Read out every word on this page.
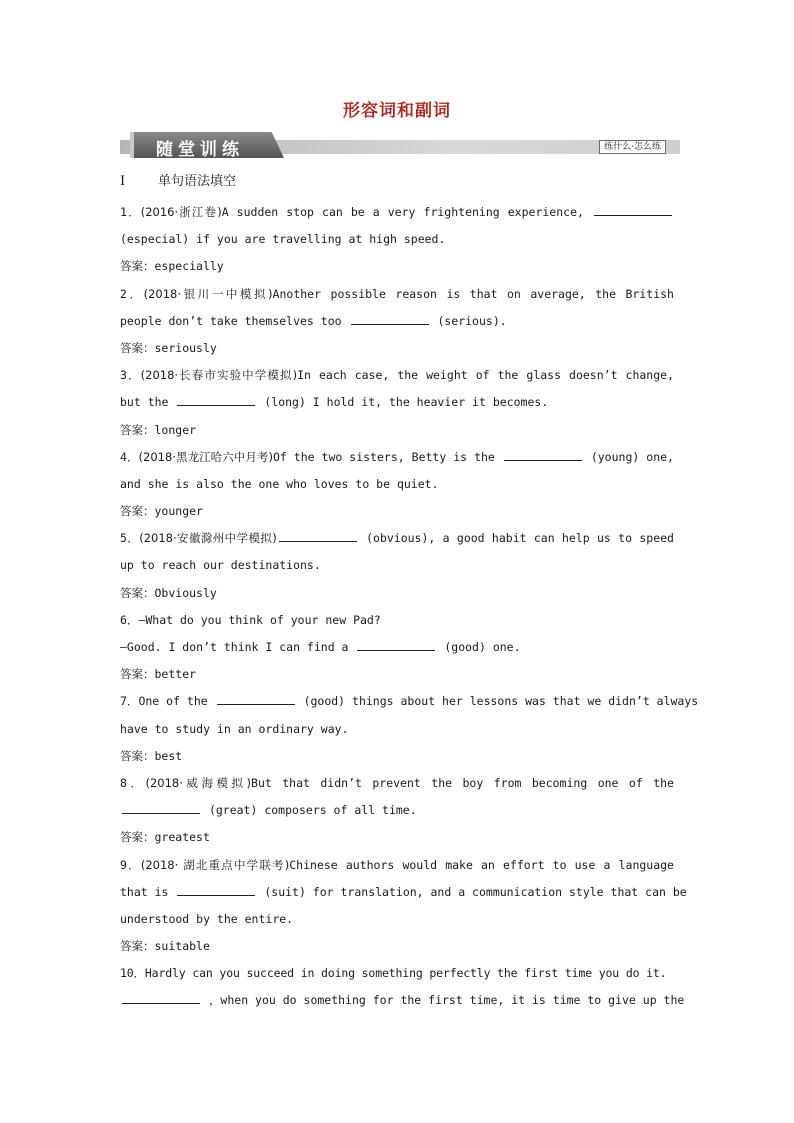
形容词和副词
随堂训练	练什么·怎么练
Ⅰ	单句语法填空
1．(2016·浙江卷)A sudden stop can be a very frightening experience,
(especial) if you are travelling at high speed.
答案：especially
2．(2018·银川一中模拟)Another possible reason is that on average, the British
people don’t take themselves too	(serious).
答案：seriously
3．(2018·长春市实验中学模拟)In each case, the weight of the glass doesn’t change,
but the	(long) I hold it, the heavier it becomes.
答案：longer
4．(2018·黑龙江哈六中月考)Of the two sisters, Betty is the	(young) one,
and she is also the one who loves to be quiet.
答案：younger
5．(2018·安徽滁州中学模拟)	(obvious), a good habit can help us to speed
up to reach our destinations.
答案：Obviously
6．—What do you think of your new Pad?
—Good. I don’t think I can find a	(good) one.
答案：better
7．One of the	(good) things about her lessons was that we didn’t always
have to study in an ordinary way.
答案：best
8．(2018·威海模拟)But that didn’t prevent the boy from becoming one of the
(great) composers of all time.
答案：greatest
9．(2018· 湖北重点中学联考)Chinese authors would make an effort to use a language
that is	(suit) for translation, and a communication style that can be
understood by the entire.
答案：suitable
10．Hardly can you succeed in doing something perfectly the first time you do it.
，when you do something for the first time, it is time to give up the
